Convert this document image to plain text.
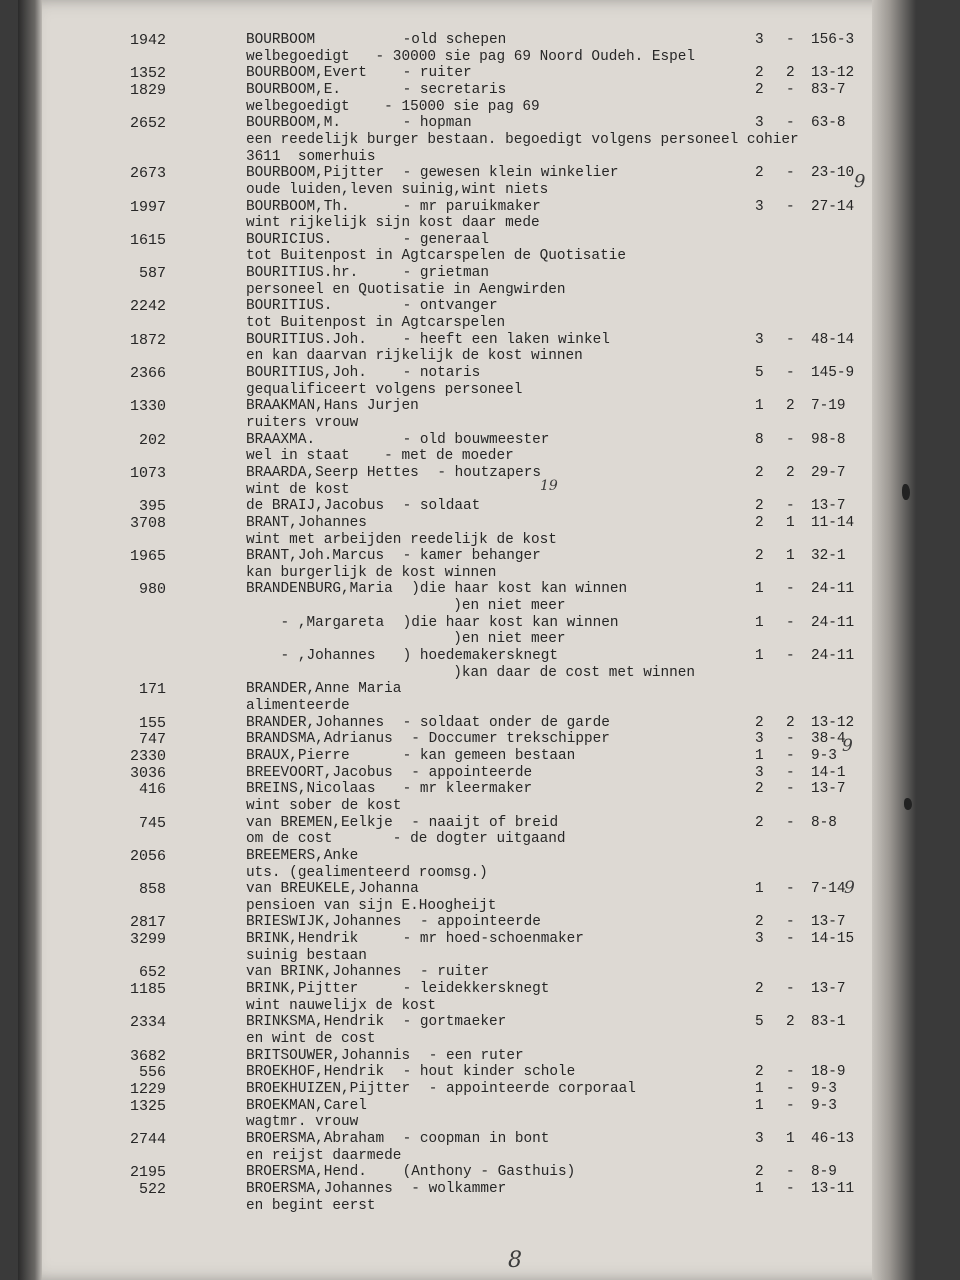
1942	BOURBOOM	-old schepen	3 - 156-3
welbegoedigt   - 30000 sie pag 69 Noord Oudeh. Espel
1352	BOURBOOM,Evert - ruiter	2 2 13-12
1829	BOURBOOM,E.	- secretaris	2 - 83-7
welbegoedigt    - 15000 sie pag 69
2652	BOURBOOM,M.	- hopman	3 - 63-8
een reedelijk burger bestaan. begoedigt volgens personeel cohier
3611  somerhuis
2673	BOURBOOM,Pijtter - gewesen klein winkelier	2 - 23-10
oude luiden,leven suinig,wint niets
1997	BOURBOOM,Th.	- mr paruikmaker	3 - 27-14
wint rijkelijk sijn kost daar mede
1615	BOURICIUS.	- generaal
tot Buitenpost in Agtcarspelen de Quotisatie
587	BOURITIUS.hr.	- grietman
personeel en Quotisatie in Aengwirden
2242	BOURITIUS.	- ontvanger
tot Buitenpost in Agtcarspelen
1872	BOURITIUS.Joh. - heeft een laken winkel	3 - 48-14
en kan daarvan rijkelijk de kost winnen
2366	BOURITIUS,Joh. - notaris	5 - 145-9
gequalificeert volgens personeel
1330	BRAAKMAN,Hans Jurjen	1 2 7-19
ruiters vrouw
202	BRAAXMA.	- old bouwmeester	8 - 98-8
wel in staat    - met de moeder
1073	BRAARDA,Seerp Hettes - houtzapers	2 2 29-7
wint de kost
395	de BRAIJ,Jacobus - soldaat	2 - 13-7
3708	BRANT,Johannes	2 1 11-14
wint met arbeijden reedelijk de kost
1965	BRANT,Joh.Marcus - kamer behanger	2 1 32-1
kan burgerlijk de kost winnen
980	BRANDENBURG,Maria )die haar kost kan winnen	1 - 24-11
)en niet meer
- ,Margareta )die haar kost kan winnen	1 - 24-11
)en niet meer
- ,Johannes ) hoedemakersknegt	1 - 24-11
)kan daar de cost met winnen
171	BRANDER,Anne Maria
alimenteerde
155	BRANDER,Johannes - soldaat onder de garde	2 2 13-12
747	BRANDSMA,Adrianus - Doccumer trekschipper	3 - 38-4
2330	BRAUX,Pierre	- kan gemeen bestaan	1 - 9-3
3036	BREEVOORT,Jacobus - appointeerde	3 - 14-1
416	BREINS,Nicolaas - mr kleermaker	2 - 13-7
wint sober de kost
745	van BREMEN,Eelkje - naaijt of breid	2 - 8-8
om de cost       - de dogter uitgaand
2056	BREEMERS,Anke
uts. (gealimenteerd roomsg.)
858	van BREUKELE,Johanna	1 - 7-14
pensioen van sijn E.Hoogheijt
2817	BRIESWIJK,Johannes - appointeerde	2 - 13-7
3299	BRINK,Hendrik	- mr hoed-schoenmaker	3 - 14-15
suinig bestaan
652	van BRINK,Johannes - ruiter
1185	BRINK,Pijtter	- leidekkersknegt	2 - 13-7
wint nauwelijx de kost
2334	BRINKSMA,Hendrik - gortmaeker	5 2 83-1
en wint de cost
3682	BRITSOUWER,Johannis - een ruter
556	BROEKHOF,Hendrik - hout kinder schole	2 - 18-9
1229	BROEKHUIZEN,Pijtter - appointeerde corporaal	1 - 9-3
1325	BROEKMAN,Carel	1 - 9-3
wagtmr. vrouw
2744	BROERSMA,Abraham - coopman in bont	3 1 46-13
en reijst daarmede
2195	BROERSMA,Hend. (Anthony - Gasthuis)	2 - 8-9
522	BROERSMA,Johannes - wolkammer	1 - 13-11
en begint eerst
9
19
9
9
8
